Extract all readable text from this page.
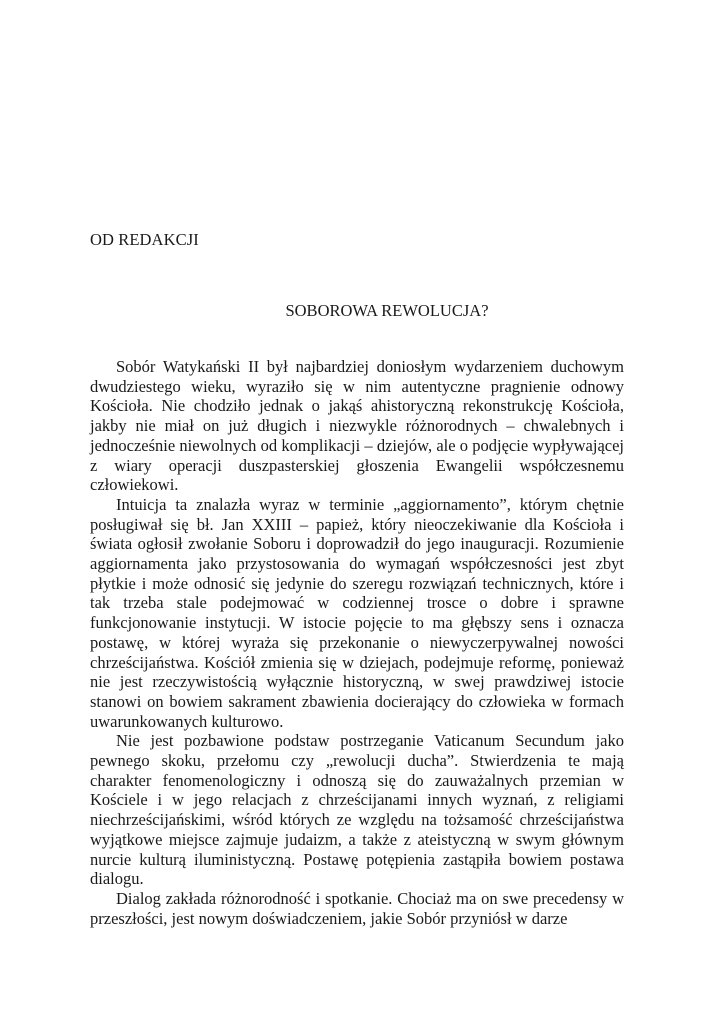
OD REDAKCJI
SOBOROWA REWOLUCJA?

Sobór Watykański II był najbardziej doniosłym wydarzeniem duchowym dwudziestego wieku, wyraziło się w nim autentyczne pragnienie odnowy Kościoła. Nie chodziło jednak o jakąś ahistoryczną rekonstrukcję Kościoła, jakby nie miał on już długich i niezwykle różnorodnych – chwalebnych i jednocześnie niewolnych od komplikacji – dziejów, ale o podjęcie wypływającej z wiary operacji duszpasterskiej głoszenia Ewangelii współczesnemu człowiekowi.

Intuicja ta znalazła wyraz w terminie „aggiornamento”, którym chętnie posługiwał się bł. Jan XXIII – papież, który nieoczekiwanie dla Kościoła i świata ogłosił zwołanie Soboru i doprowadził do jego inauguracji. Rozumienie aggiornamenta jako przystosowania do wymagań współczesności jest zbyt płytkie i może odnosić się jedynie do szeregu rozwiązań technicznych, które i tak trzeba stale podejmować w codziennej trosce o dobre i sprawne funkcjonowanie instytucji. W istocie pojęcie to ma głębszy sens i oznacza postawę, w której wyraża się przekonanie o niewyczerpywalnej nowości chrześcijaństwa. Kościół zmienia się w dziejach, podejmuje reformę, ponieważ nie jest rzeczywistością wyłącznie historyczną, w swej prawdziwej istocie stanowi on bowiem sakrament zbawienia docierający do człowieka w formach uwarunkowanych kulturowo.

Nie jest pozbawione podstaw postrzeganie Vaticanum Secundum jako pewnego skoku, przełomu czy „rewolucji ducha”. Stwierdzenia te mają charakter fenomenologiczny i odnoszą się do zauważalnych przemian w Kościele i w jego relacjach z chrześcijanami innych wyznań, z religiami niechrześcijańskimi, wśród których ze względu na tożsamość chrześcijaństwa wyjątkowe miejsce zajmuje judaizm, a także z ateistyczną w swym głównym nurcie kulturą iluministyczną. Postawę potępienia zastąpiła bowiem postawa dialogu.

Dialog zakłada różnorodność i spotkanie. Chociaż ma on swe precedensy w przeszłości, jest nowym doświadczeniem, jakie Sobór przyniósł w darze
